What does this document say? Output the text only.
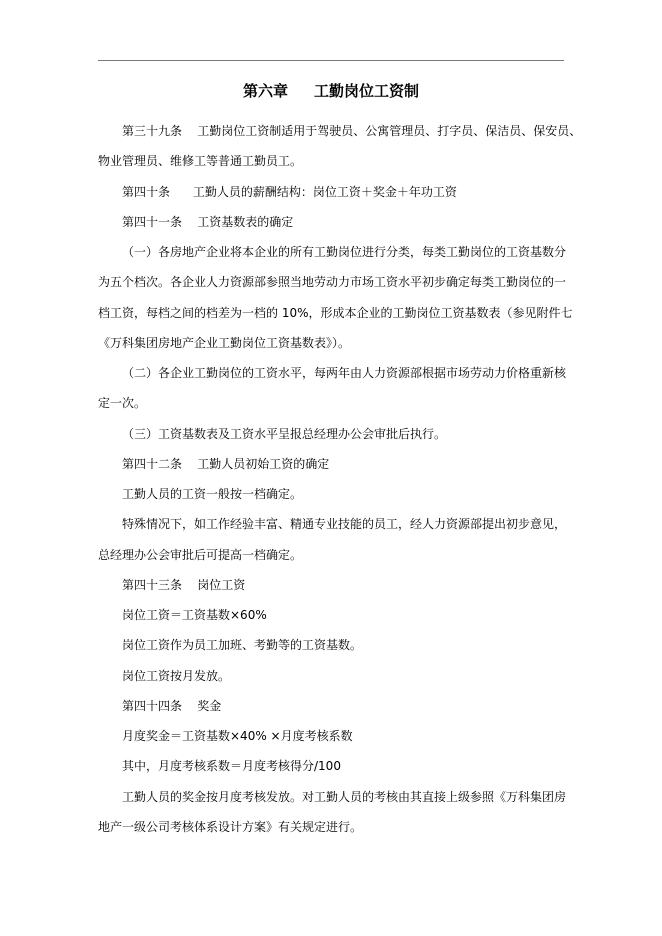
第六章     工勤岗位工资制
第三十九条    工勤岗位工资制适用于驾驶员、公寓管理员、打字员、保洁员、保安员、
物业管理员、维修工等普通工勤员工。
第四十条      工勤人员的薪酬结构：岗位工资＋奖金＋年功工资
第四十一条    工资基数表的确定
（一）各房地产企业将本企业的所有工勤岗位进行分类，每类工勤岗位的工资基数分
为五个档次。各企业人力资源部参照当地劳动力市场工资水平初步确定每类工勤岗位的一
档工资，每档之间的档差为一档的 10%，形成本企业的工勤岗位工资基数表（参见附件七
《万科集团房地产企业工勤岗位工资基数表》）。
（二）各企业工勤岗位的工资水平，每两年由人力资源部根据市场劳动力价格重新核
定一次。
（三）工资基数表及工资水平呈报总经理办公会审批后执行。
第四十二条    工勤人员初始工资的确定
工勤人员的工资一般按一档确定。
特殊情况下，如工作经验丰富、精通专业技能的员工，经人力资源部提出初步意见，
总经理办公会审批后可提高一档确定。
第四十三条    岗位工资
岗位工资＝工资基数×60%
岗位工资作为员工加班、考勤等的工资基数。
岗位工资按月发放。
第四十四条    奖金
月度奖金＝工资基数×40% ×月度考核系数
其中，月度考核系数＝月度考核得分/100
工勤人员的奖金按月度考核发放。对工勤人员的考核由其直接上级参照《万科集团房
地产一级公司考核体系设计方案》有关规定进行。
